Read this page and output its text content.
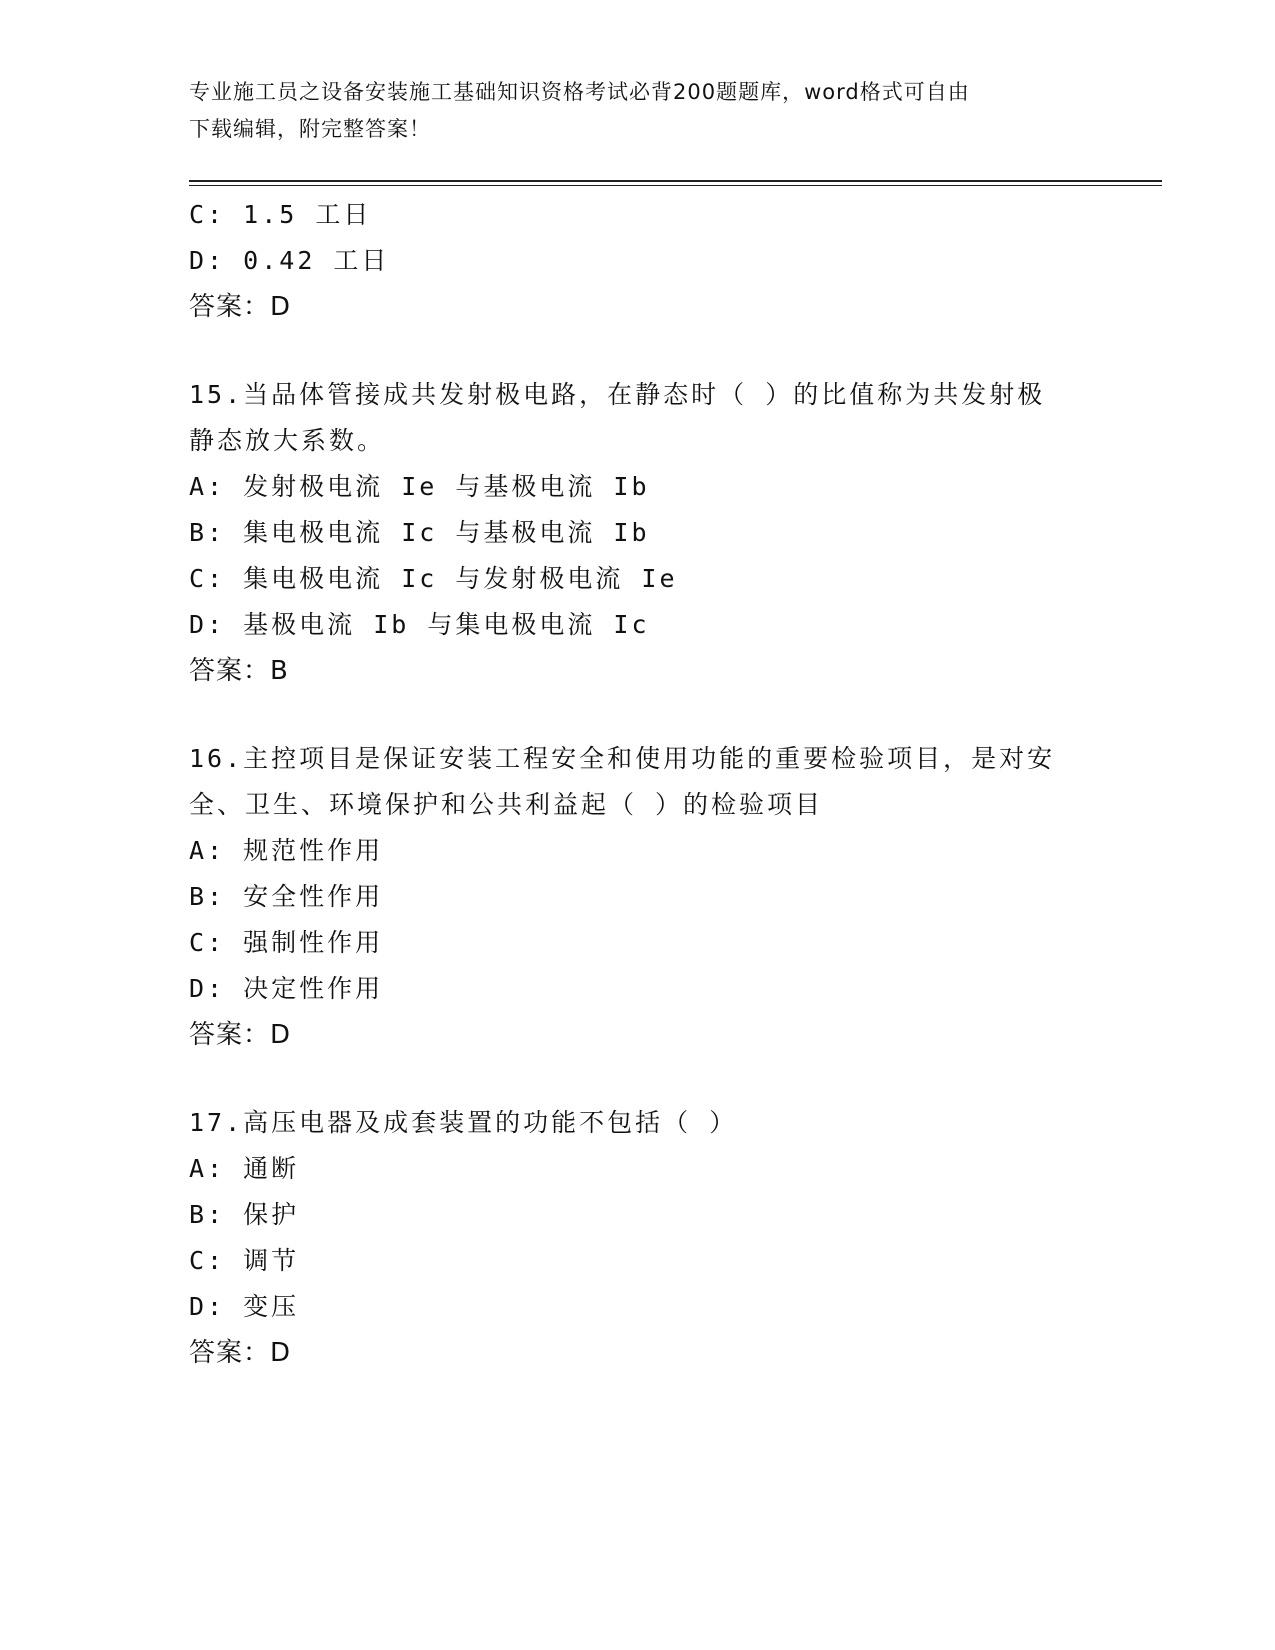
专业施工员之设备安装施工基础知识资格考试必背200题题库，word格式可自由
下载编辑，附完整答案！
C: 1.5 工日
D: 0.42 工日
答案：D
15.当品体管接成共发射极电路，在静态时（ ）的比值称为共发射极
静态放大系数。
A: 发射极电流 Ie 与基极电流 Ib
B: 集电极电流 Ic 与基极电流 Ib
C: 集电极电流 Ic 与发射极电流 Ie
D: 基极电流 Ib 与集电极电流 Ic
答案：B
16.主控项目是保证安装工程安全和使用功能的重要检验项目，是对安
全、卫生、环境保护和公共利益起（ ）的检验项目
A: 规范性作用
B: 安全性作用
C: 强制性作用
D: 决定性作用
答案：D
17.高压电器及成套装置的功能不包括（ ）
A: 通断
B: 保护
C: 调节
D: 变压
答案：D
